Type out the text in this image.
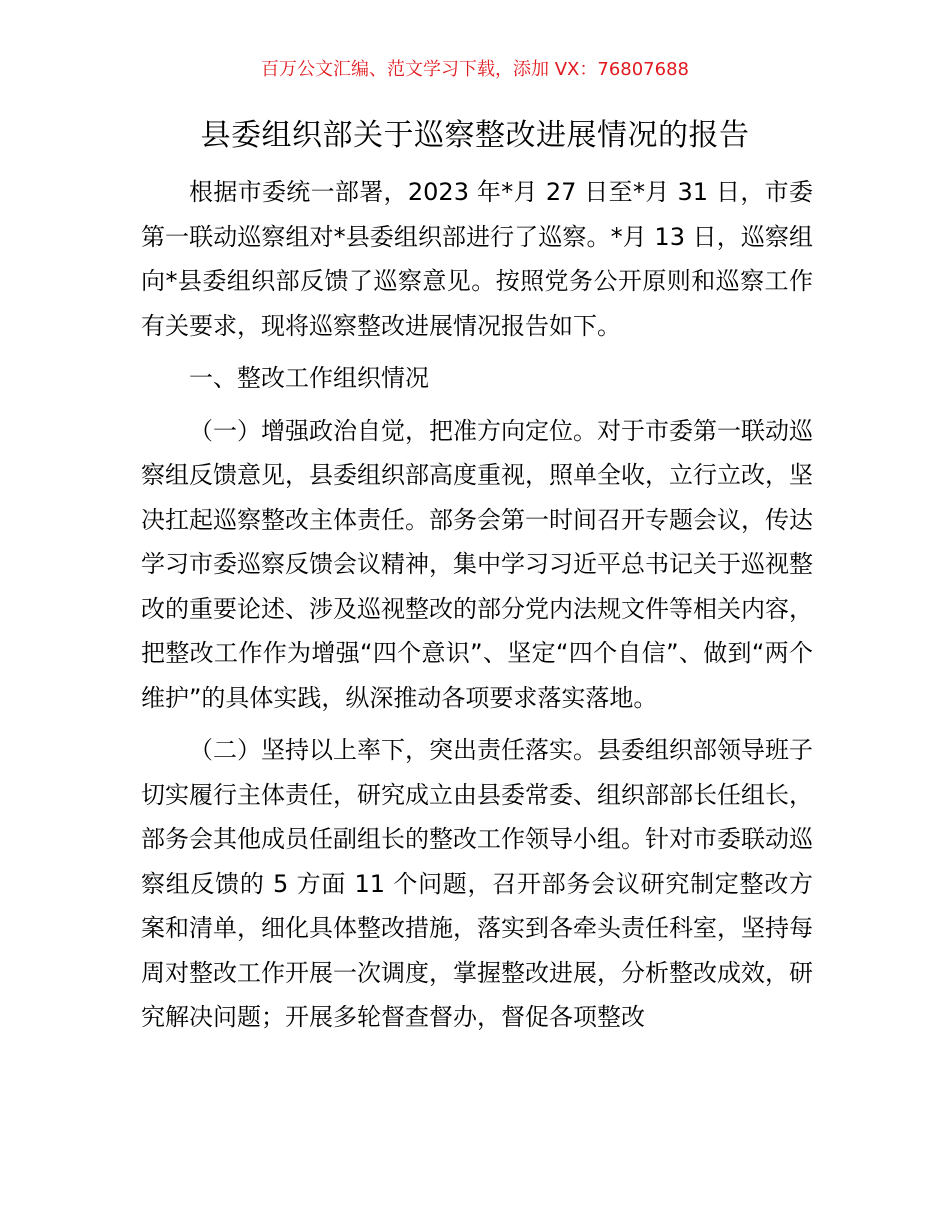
百万公文汇编、范文学习下载，添加 VX：76807688
县委组织部关于巡察整改进展情况的报告

根据市委统一部署，2023 年*月 27 日至*月 31 日，市委第一联动巡察组对*县委组织部进行了巡察。*月 13 日，巡察组向*县委组织部反馈了巡察意见。按照党务公开原则和巡察工作有关要求，现将巡察整改进展情况报告如下。

一、整改工作组织情况

（一）增强政治自觉，把准方向定位。对于市委第一联动巡察组反馈意见，县委组织部高度重视，照单全收，立行立改，坚决扛起巡察整改主体责任。部务会第一时间召开专题会议，传达学习市委巡察反馈会议精神，集中学习习近平总书记关于巡视整改的重要论述、涉及巡视整改的部分党内法规文件等相关内容，把整改工作作为增强“四个意识”、坚定“四个自信”、做到“两个维护”的具体实践，纵深推动各项要求落实落地。

（二）坚持以上率下，突出责任落实。县委组织部领导班子切实履行主体责任，研究成立由县委常委、组织部部长任组长，部务会其他成员任副组长的整改工作领导小组。针对市委联动巡察组反馈的 5 方面 11 个问题，召开部务会议研究制定整改方案和清单，细化具体整改措施，落实到各牵头责任科室，坚持每周对整改工作开展一次调度，掌握整改进展，分析整改成效，研究解决问题；开展多轮督查督办，督促各项整改
